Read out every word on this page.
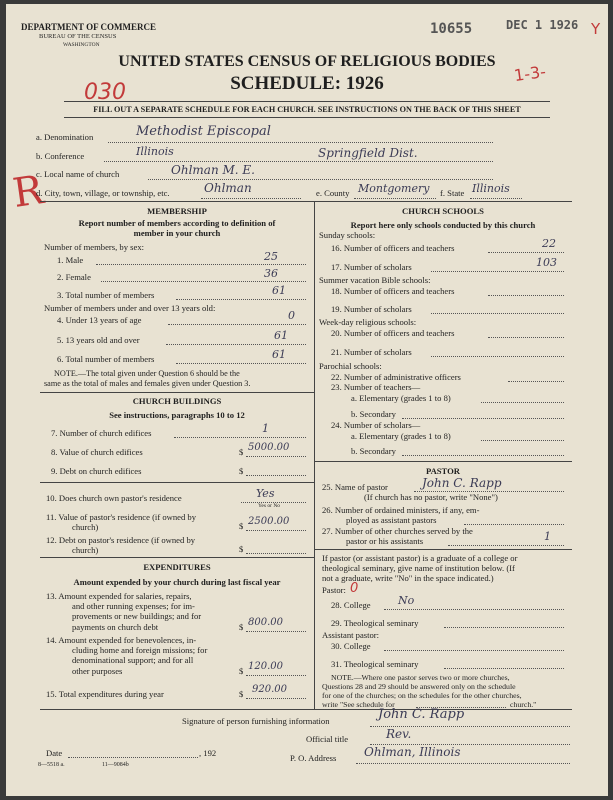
DEPARTMENT OF COMMERCE
BUREAU OF THE CENSUS
WASHINGTON
10655	DEC 1 1926 Y
UNITED STATES CENSUS OF RELIGIOUS BODIES
SCHEDULE: 1926
030
1-3-
R
FILL OUT A SEPARATE SCHEDULE FOR EACH CHURCH. SEE INSTRUCTIONS ON THE BACK OF THIS SHEET
a. Denomination	Methodist Episcopal
b. Conference	Illinois	Springfield Dist.
c. Local name of church	Ohlman M. E.
d. City, town, village, or township, etc.	Ohlman	e. County Montgomery f. State Illinois
MEMBERSHIP
Report number of members according to definition of
member in your church
Number of members, by sex:
1. Male	25
2. Female	36
3. Total number of members	61
Number of members under and over 13 years old:
4. Under 13 years of age	0
5. 13 years old and over	61
6. Total number of members	61
NOTE.—The total given under Question 6 should be the
same as the total of males and females given under Question 3.
CHURCH BUILDINGS
See instructions, paragraphs 10 to 12
7. Number of church edifices	1
8. Value of church edifices	$ 5000.00
9. Debt on church edifices	$
10. Does church own pastor's residence	Yes
Yes or No
11. Value of pastor's residence (if owned by
church)	$ 2500.00
12. Debt on pastor's residence (if owned by
church)	$
EXPENDITURES
Amount expended by your church during last fiscal year
13. Amount expended for salaries, repairs,
and other running expenses; for im-
provements or new buildings; and for
payments on church debt	$ 800.00
14. Amount expended for benevolences, in-
cluding home and foreign missions; for
denominational support; and for all
other purposes	$ 120.00
15. Total expenditures during year	$ 920.00
CHURCH SCHOOLS
Report here only schools conducted by this church
Sunday schools:
16. Number of officers and teachers	22
17. Number of scholars	103
Summer vacation Bible schools:
18. Number of officers and teachers
19. Number of scholars
Week-day religious schools:
20. Number of officers and teachers
21. Number of scholars
Parochial schools:
22. Number of administrative officers
23. Number of teachers—
a. Elementary (grades 1 to 8)
b. Secondary
24. Number of scholars—
a. Elementary (grades 1 to 8)
b. Secondary
PASTOR
25. Name of pastor	John C. Rapp
(If church has no pastor, write "None")
26. Number of ordained ministers, if any, em-
ployed as assistant pastors
27. Number of other churches served by the
pastor or his assistants	1
If pastor (or assistant pastor) is a graduate of a college or
theological seminary, give name of institution below. (If
not a graduate, write "No" in the space indicated.)
Pastor: 0
28. College No
29. Theological seminary
Assistant pastor:
30. College
31. Theological seminary
NOTE.—Where one pastor serves two or more churches,
Questions 28 and 29 should be answered only on the schedule
for one of the churches; on the schedules for the other churches,
write "See schedule for	church."
Signature of person furnishing information	John C. Rapp
Official title	Rev.
Date	, 192	P. O. Address Ohlman, Illinois
8—5518 a.	11—9084b
